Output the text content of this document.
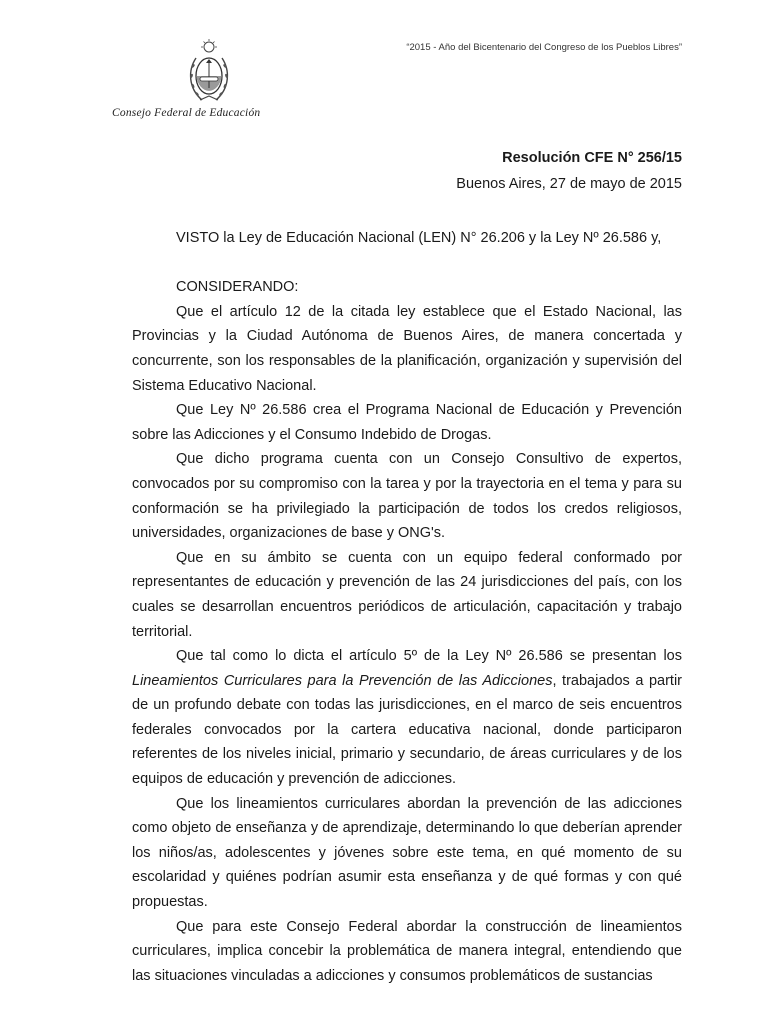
“2015 - Año del Bicentenario del Congreso de los Pueblos Libres”
Consejo Federal de Educación
Resolución CFE N° 256/15
Buenos Aires, 27 de mayo de 2015

VISTO la Ley de Educación Nacional (LEN) N° 26.206 y la Ley Nº 26.586 y,

CONSIDERANDO:

Que el artículo 12 de la citada ley establece que el Estado Nacional, las Provincias y la Ciudad Autónoma de Buenos Aires, de manera concertada y concurrente, son los responsables de la planificación, organización y supervisión del Sistema Educativo Nacional.

Que Ley Nº 26.586 crea el Programa Nacional de Educación y Prevención sobre las Adicciones y el Consumo Indebido de Drogas.

Que dicho programa cuenta con un Consejo Consultivo de expertos, convocados por su compromiso con la tarea y por la trayectoria en el tema y para su conformación se ha privilegiado la participación de todos los credos religiosos, universidades, organizaciones de base y ONG's.

Que en su ámbito se cuenta con un equipo federal conformado por representantes de educación y prevención de las 24 jurisdicciones del país, con los cuales se desarrollan encuentros periódicos de articulación, capacitación y trabajo territorial.

Que tal como lo dicta el artículo 5º de la Ley Nº 26.586 se presentan los Lineamientos Curriculares para la Prevención de las Adicciones, trabajados a partir de un profundo debate con todas las jurisdicciones, en el marco de seis encuentros federales convocados por la cartera educativa nacional, donde participaron referentes de los niveles inicial, primario y secundario, de áreas curriculares y de los equipos de educación y prevención de adicciones.

Que los lineamientos curriculares abordan la prevención de las adicciones como objeto de enseñanza y de aprendizaje, determinando lo que deberían aprender los niños/as, adolescentes y jóvenes sobre este tema, en qué momento de su escolaridad y quiénes podrían asumir esta enseñanza y de qué formas y con qué propuestas.

Que para este Consejo Federal abordar la construcción de lineamientos curriculares, implica concebir la problemática de manera integral, entendiendo que las situaciones vinculadas a adicciones y consumos problemáticos de sustancias
